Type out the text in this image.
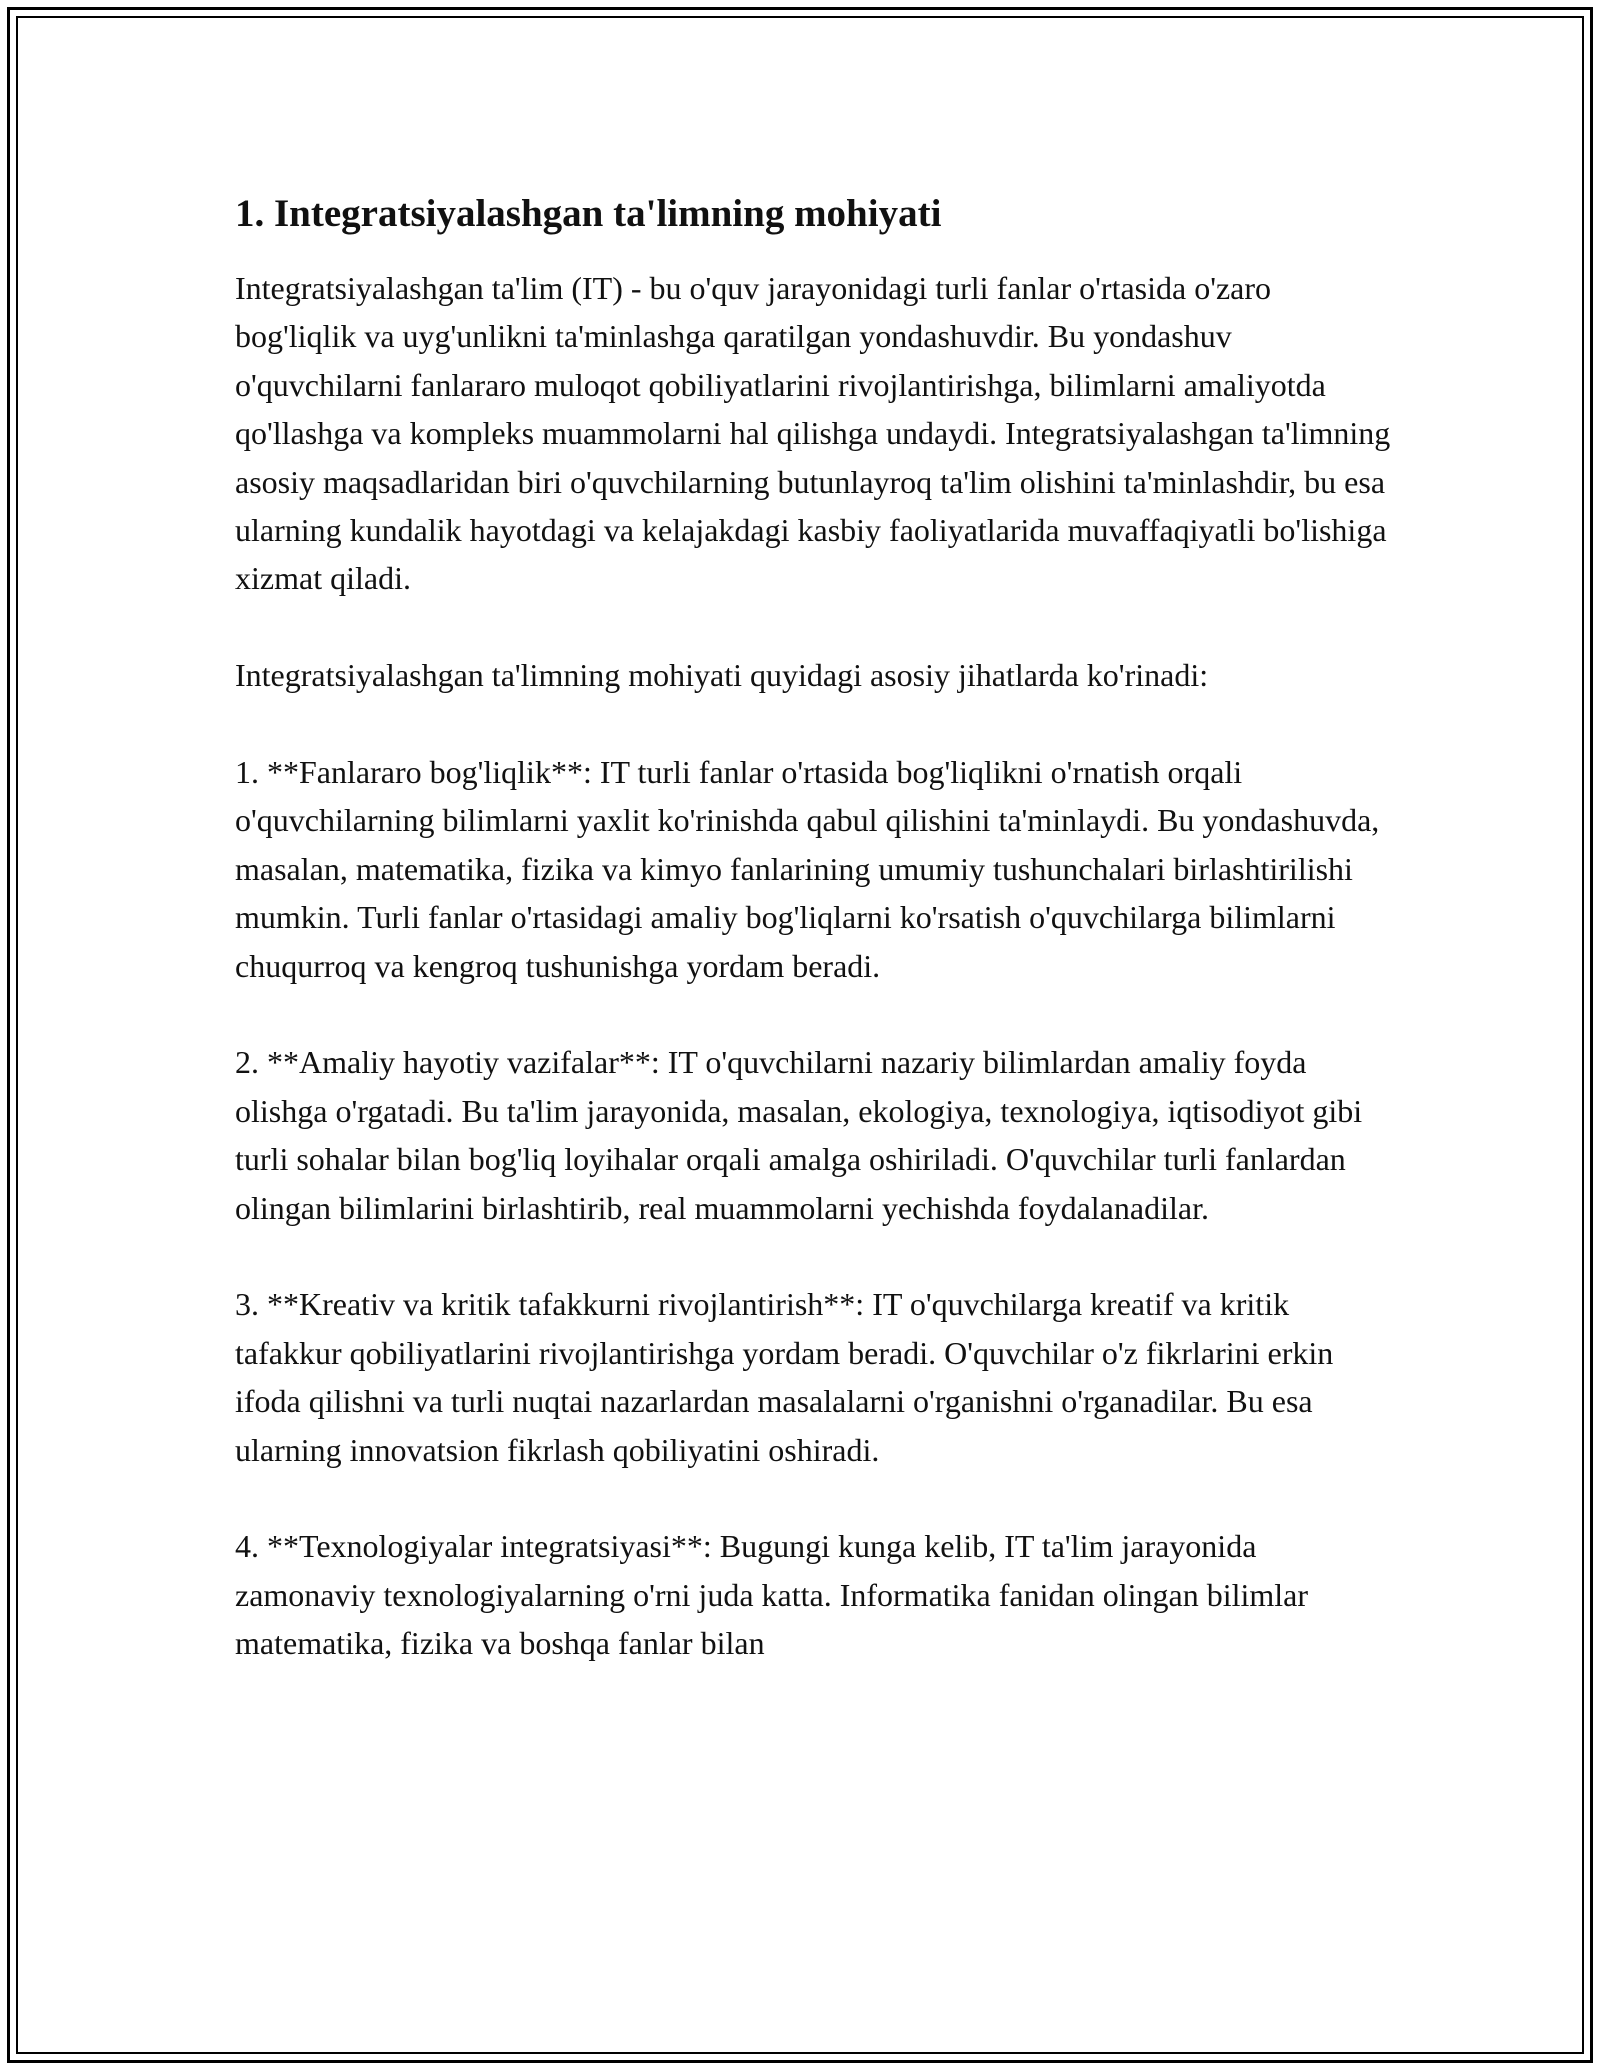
1. Integratsiyalashgan ta'limning mohiyati

Integratsiyalashgan ta'lim (IT) - bu o'quv jarayonidagi turli fanlar o'rtasida o'zaro bog'liqlik va uyg'unlikni ta'minlashga qaratilgan yondashuvdir. Bu yondashuv o'quvchilarni fanlararo muloqot qobiliyatlarini rivojlantirishga, bilimlarni amaliyotda qo'llashga va kompleks muammolarni hal qilishga undaydi. Integratsiyalashgan ta'limning asosiy maqsadlaridan biri o'quvchilarning butunlayroq ta'lim olishini ta'minlashdir, bu esa ularning kundalik hayotdagi va kelajakdagi kasbiy faoliyatlarida muvaffaqiyatli bo'lishiga xizmat qiladi.

Integratsiyalashgan ta'limning mohiyati quyidagi asosiy jihatlarda ko'rinadi:

1. **Fanlararo bog'liqlik**: IT turli fanlar o'rtasida bog'liqlikni o'rnatish orqali o'quvchilarning bilimlarni yaxlit ko'rinishda qabul qilishini ta'minlaydi. Bu yondashuvda, masalan, matematika, fizika va kimyo fanlarining umumiy tushunchalari birlashtirilishi mumkin. Turli fanlar o'rtasidagi amaliy bog'liqlarni ko'rsatish o'quvchilarga bilimlarni chuqurroq va kengroq tushunishga yordam beradi.

2. **Amaliy hayotiy vazifalar**: IT o'quvchilarni nazariy bilimlardan amaliy foyda olishga o'rgatadi. Bu ta'lim jarayonida, masalan, ekologiya, texnologiya, iqtisodiyot gibi turli sohalar bilan bog'liq loyihalar orqali amalga oshiriladi. O'quvchilar turli fanlardan olingan bilimlarini birlashtirib, real muammolarni yechishda foydalanadilar.

3. **Kreativ va kritik tafakkurni rivojlantirish**: IT o'quvchilarga kreatif va kritik tafakkur qobiliyatlarini rivojlantirishga yordam beradi. O'quvchilar o'z fikrlarini erkin ifoda qilishni va turli nuqtai nazarlardan masalalarni o'rganishni o'rganadilar. Bu esa ularning innovatsion fikrlash qobiliyatini oshiradi.

4. **Texnologiyalar integratsiyasi**: Bugungi kunga kelib, IT ta'lim jarayonida zamonaviy texnologiyalarning o'rni juda katta. Informatika fanidan olingan bilimlar matematika, fizika va boshqa fanlar bilan
